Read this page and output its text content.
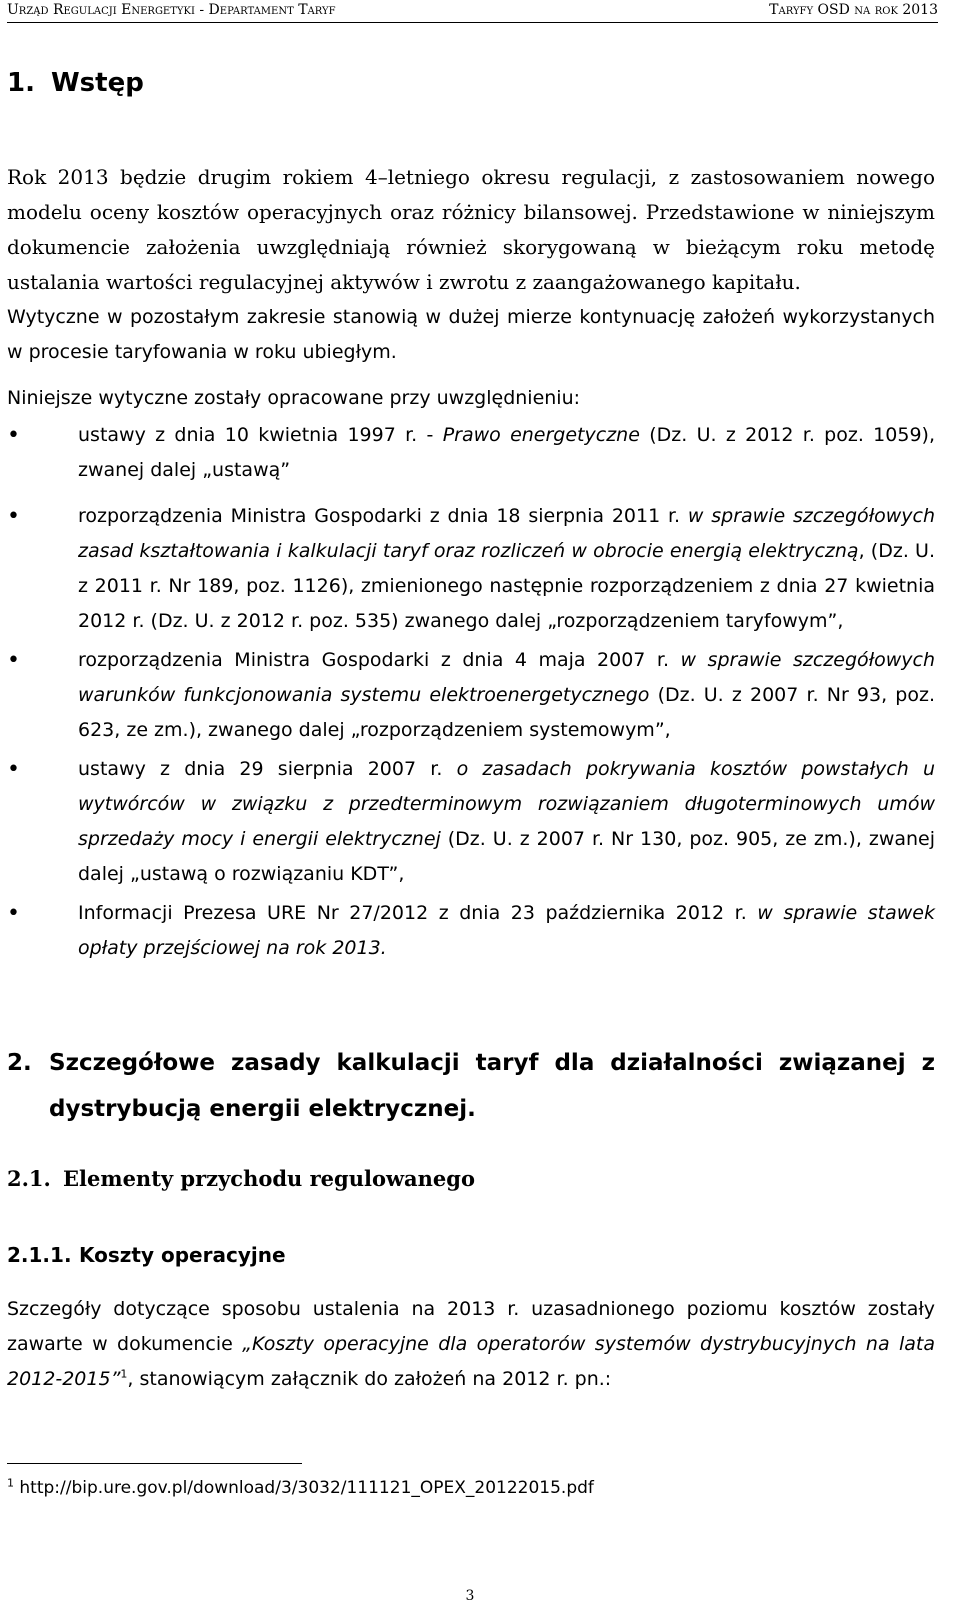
Urząd Regulacji Energetyki - Departament Taryf	Taryfy OSD na rok 2013
1. Wstęp
Rok 2013 będzie drugim rokiem 4–letniego okresu regulacji, z zastosowaniem nowego modelu oceny kosztów operacyjnych oraz różnicy bilansowej. Przedstawione w niniejszym dokumencie założenia uwzględniają również skorygowaną w bieżącym roku metodę ustalania wartości regulacyjnej aktywów i zwrotu z zaangażowanego kapitału.
Wytyczne w pozostałym zakresie stanowią w dużej mierze kontynuację założeń wykorzystanych w procesie taryfowania w roku ubiegłym.
Niniejsze wytyczne zostały opracowane przy uwzględnieniu:
•	ustawy z dnia 10 kwietnia 1997 r. - Prawo energetyczne (Dz. U. z 2012 r. poz. 1059), zwanej dalej „ustawą”
•	rozporządzenia Ministra Gospodarki z dnia 18 sierpnia 2011 r. w sprawie szczegółowych zasad kształtowania i kalkulacji taryf oraz rozliczeń w obrocie energią elektryczną, (Dz. U. z 2011 r. Nr 189, poz. 1126), zmienionego następnie rozporządzeniem z dnia 27 kwietnia 2012 r. (Dz. U. z 2012 r. poz. 535) zwanego dalej „rozporządzeniem taryfowym”,
•	rozporządzenia Ministra Gospodarki z dnia 4 maja 2007 r. w sprawie szczegółowych warunków funkcjonowania systemu elektroenergetycznego (Dz. U. z 2007 r. Nr 93, poz. 623, ze zm.), zwanego dalej „rozporządzeniem systemowym”,
•	ustawy z dnia 29 sierpnia 2007 r. o zasadach pokrywania kosztów powstałych u wytwórców w związku z przedterminowym rozwiązaniem długoterminowych umów sprzedaży mocy i energii elektrycznej (Dz. U. z 2007 r. Nr 130, poz. 905, ze zm.), zwanej dalej „ustawą o rozwiązaniu KDT”,
•	Informacji Prezesa URE Nr 27/2012 z dnia 23 października 2012 r. w sprawie stawek opłaty przejściowej na rok 2013.
2. Szczegółowe zasady kalkulacji taryf dla działalności związanej z dystrybucją energii elektrycznej.
2.1. Elementy przychodu regulowanego
2.1.1. Koszty operacyjne
Szczegóły dotyczące sposobu ustalenia na 2013 r. uzasadnionego poziomu kosztów zostały zawarte w dokumencie „Koszty operacyjne dla operatorów systemów dystrybucyjnych na lata 2012-2015”$^1$, stanowiącym załącznik do założeń na 2012 r. pn.:
$^1$ http://bip.ure.gov.pl/download/3/3032/111121_OPEX_20122015.pdf
3
